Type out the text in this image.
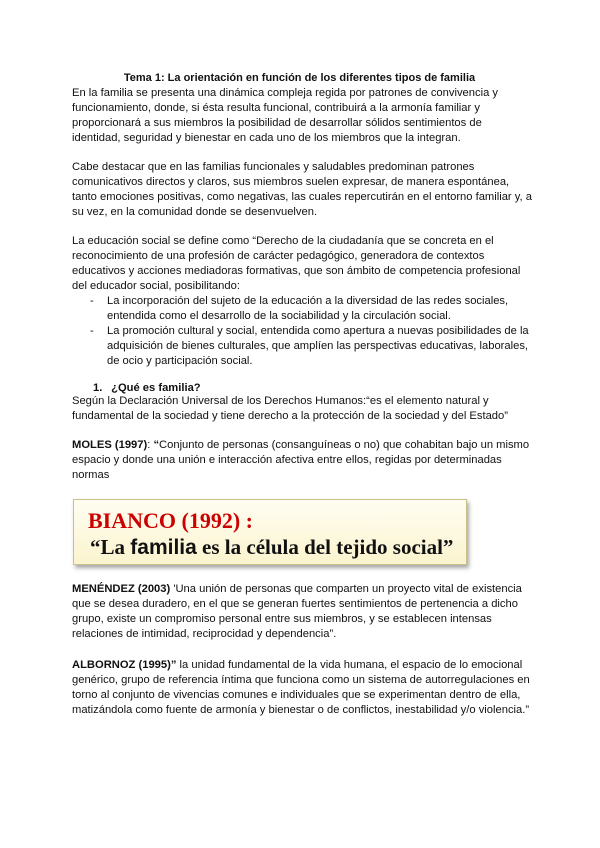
Tema 1: La orientación en función de los diferentes tipos de familia

En la familia se presenta una dinámica compleja regida por patrones de convivencia y funcionamiento, donde, si ésta resulta funcional, contribuirá a la armonía familiar y proporcionará a sus miembros la posibilidad de desarrollar sólidos sentimientos de identidad, seguridad y bienestar en cada uno de los miembros que la integran.

Cabe destacar que en las familias funcionales y saludables predominan patrones comunicativos directos y claros, sus miembros suelen expresar, de manera espontánea, tanto emociones positivas, como negativas, las cuales repercutirán en el entorno familiar y, a su vez, en la comunidad donde se desenvuelven.

La educación social se define como “Derecho de la ciudadanía que se concreta en el reconocimiento de una profesión de carácter pedagógico, generadora de contextos educativos y acciones mediadoras formativas, que son ámbito de competencia profesional del educador social, posibilitando:

- La incorporación del sujeto de la educación a la diversidad de las redes sociales, entendida como el desarrollo de la sociabilidad y la circulación social.
- La promoción cultural y social, entendida como apertura a nuevas posibilidades de la adquisición de bienes culturales, que amplíen las perspectivas educativas, laborales, de ocio y participación social.
1. ¿Qué es familia?

Según la Declaración Universal de los Derechos Humanos:“es el elemento natural y fundamental de la sociedad y tiene derecho a la protección de la sociedad y del Estado”

MOLES (1997): “Conjunto de personas (consanguíneas o no) que cohabitan bajo un mismo espacio y donde una unión e interacción afectiva entre ellos, regidas por determinadas normas

BIANCO (1992) :
“La familia es la célula del tejido social”

MENÉNDEZ (2003) 'Una unión de personas que comparten un proyecto vital de existencia que se desea duradero, en el que se generan fuertes sentimientos de pertenencia a dicho grupo, existe un compromiso personal entre sus miembros, y se establecen intensas relaciones de intimidad, reciprocidad y dependencia”.

ALBORNOZ (1995)” la unidad fundamental de la vida humana, el espacio de lo emocional genérico, grupo de referencia íntima que funciona como un sistema de autorregulaciones en torno al conjunto de vivencias comunes e individuales que se experimentan dentro de ella, matizándola como fuente de armonía y bienestar o de conflictos, inestabilidad y/o violencia.”
